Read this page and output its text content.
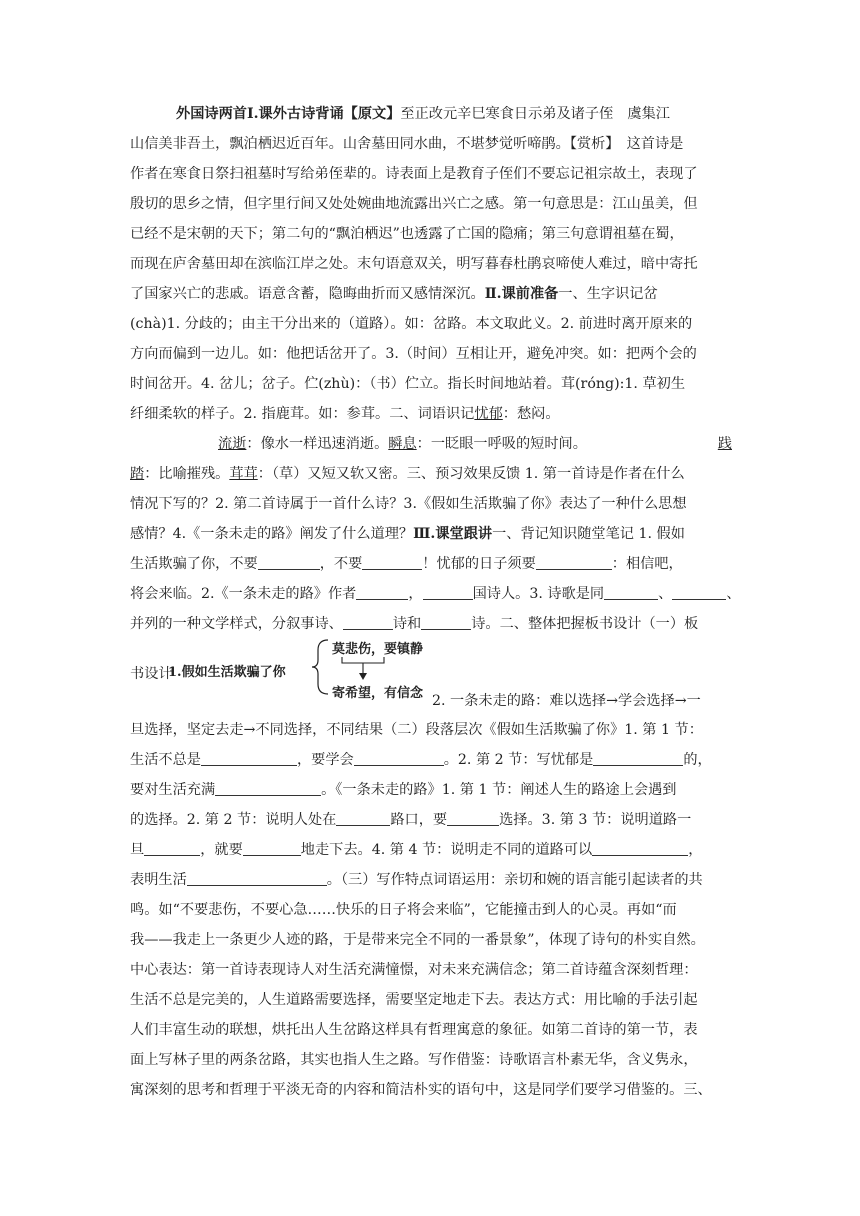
外国诗两首Ⅰ.课外古诗背诵【原文】至正改元辛巳寒食日示弟及诸子侄　虞集江
山信美非吾土，飘泊栖迟近百年。山舍墓田同水曲，不堪梦觉听啼鹃。【赏析】　这首诗是
作者在寒食日祭扫祖墓时写给弟侄辈的。诗表面上是教育子侄们不要忘记祖宗故土，表现了
殷切的思乡之情，但字里行间又处处婉曲地流露出兴亡之感。第一句意思是：江山虽美，但
已经不是宋朝的天下；第二句的“飘泊栖迟”也透露了亡国的隐痛；第三句意谓祖墓在蜀，
而现在庐舍墓田却在滨临江岸之处。末句语意双关，明写暮春杜鹃哀啼使人难过，暗中寄托
了国家兴亡的悲戚。语意含蓄，隐晦曲折而又感情深沉。Ⅱ.课前准备一、生字识记岔
(chà)1. 分歧的；由主干分出来的（道路）。如：岔路。本文取此义。2. 前进时离开原来的
方向而偏到一边儿。如：他把话岔开了。3.（时间）互相让开，避免冲突。如：把两个会的
时间岔开。4. 岔儿；岔子。伫(zhù)：（书）伫立。指长时间地站着。茸(róng):1. 草初生
纤细柔软的样子。2. 指鹿茸。如：参茸。二、词语识记忧郁：愁闷。
流逝：像水一样迅速消逝。瞬息：一眨眼一呼吸的短时间。	践
踏：比喻摧残。茸茸：（草）又短又软又密。三、预习效果反馈 1. 第一首诗是作者在什么
情况下写的？2. 第二首诗属于一首什么诗？3.《假如生活欺骗了你》表达了一种什么思想
感情？4.《一条未走的路》阐发了什么道理？Ⅲ.课堂跟讲一、背记知识随堂笔记 1. 假如
生活欺骗了你，不要	，不要	！忧郁的日子须要	：相信吧，
将会来临。2.《一条未走的路》作者	，	国诗人。3. 诗歌是同	、	、
并列的一种文学样式，分叙事诗、	诗和	诗。二、整体把握板书设计（一）板
1.假如生活欺骗了你
莫悲伤，要镇静
寄希望，有信念
书设计
2. 一条未走的路：难以选择→学会选择→一
旦选择，坚定去走→不同选择，不同结果（二）段落层次《假如生活欺骗了你》1. 第 1 节：
生活不总是	，要学会	。2. 第 2 节：写忧郁是	的，
要对生活充满	。《一条未走的路》1. 第 1 节：阐述人生的路途上会遇到
的选择。2. 第 2 节：说明人处在	路口，要	选择。3. 第 3 节：说明道路一
旦	，就要	地走下去。4. 第 4 节：说明走不同的道路可以	，
表明生活	。（三）写作特点词语运用：亲切和婉的语言能引起读者的共
鸣。如“不要悲伤，不要心急……快乐的日子将会来临”，它能撞击到人的心灵。再如“而
我——我走上一条更少人迹的路，于是带来完全不同的一番景象”，体现了诗句的朴实自然。
中心表达：第一首诗表现诗人对生活充满憧憬，对未来充满信念；第二首诗蕴含深刻哲理：
生活不总是完美的，人生道路需要选择，需要坚定地走下去。表达方式：用比喻的手法引起
人们丰富生动的联想，烘托出人生岔路这样具有哲理寓意的象征。如第二首诗的第一节，表
面上写林子里的两条岔路，其实也指人生之路。写作借鉴：诗歌语言朴素无华，含义隽永，
寓深刻的思考和哲理于平淡无奇的内容和简洁朴实的语句中，这是同学们要学习借鉴的。三、
